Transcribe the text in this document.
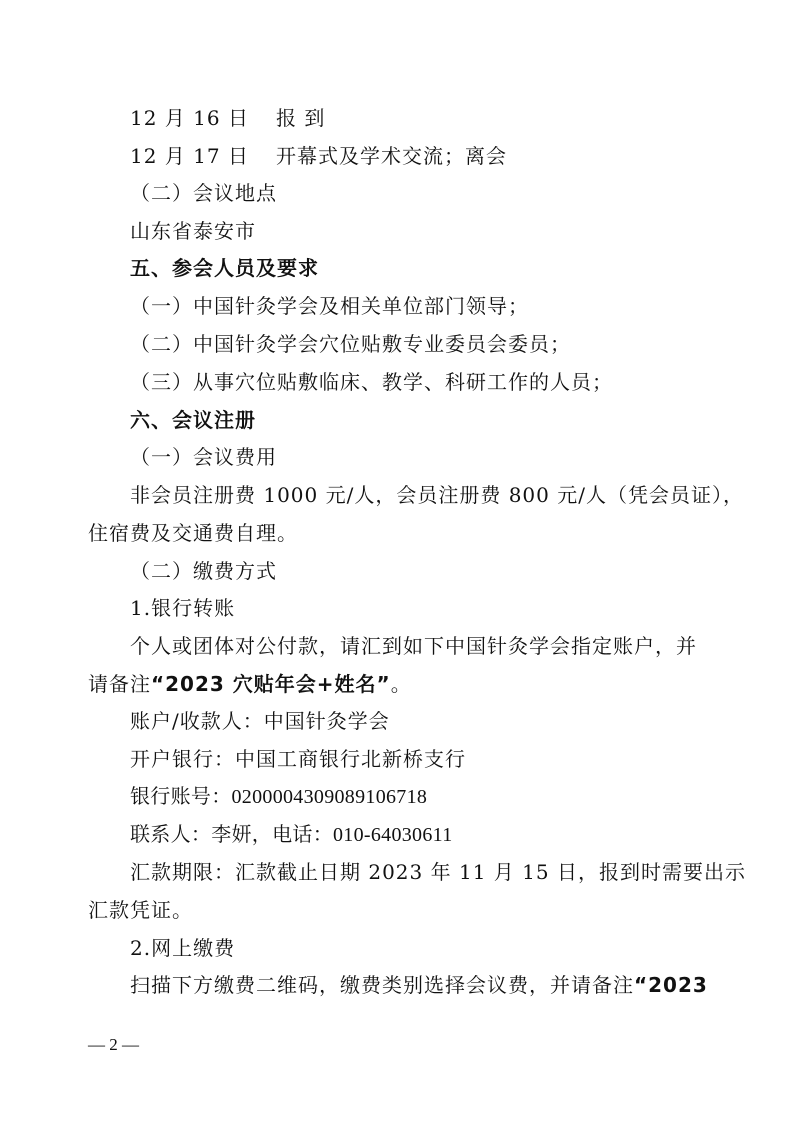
12 月 16 日 报 到
12 月 17 日 开幕式及学术交流；离会
（二）会议地点
山东省泰安市
五、参会人员及要求
（一）中国针灸学会及相关单位部门领导；
（二）中国针灸学会穴位贴敷专业委员会委员；
（三）从事穴位贴敷临床、教学、科研工作的人员；
六、会议注册
（一）会议费用
非会员注册费 1000 元/人，会员注册费 800 元/人（凭会员证），
住宿费及交通费自理。
（二）缴费方式
1.银行转账
个人或团体对公付款，请汇到如下中国针灸学会指定账户，并
请备注“2023 穴贴年会+姓名”。
账户/收款人：中国针灸学会
开户银行：中国工商银行北新桥支行
银行账号：0200004309089106718
联系人：李妍，电话：010-64030611
汇款期限：汇款截止日期 2023 年 11 月 15 日，报到时需要出示
汇款凭证。
2.网上缴费
扫描下方缴费二维码，缴费类别选择会议费，并请备注“2023
— 2 —
